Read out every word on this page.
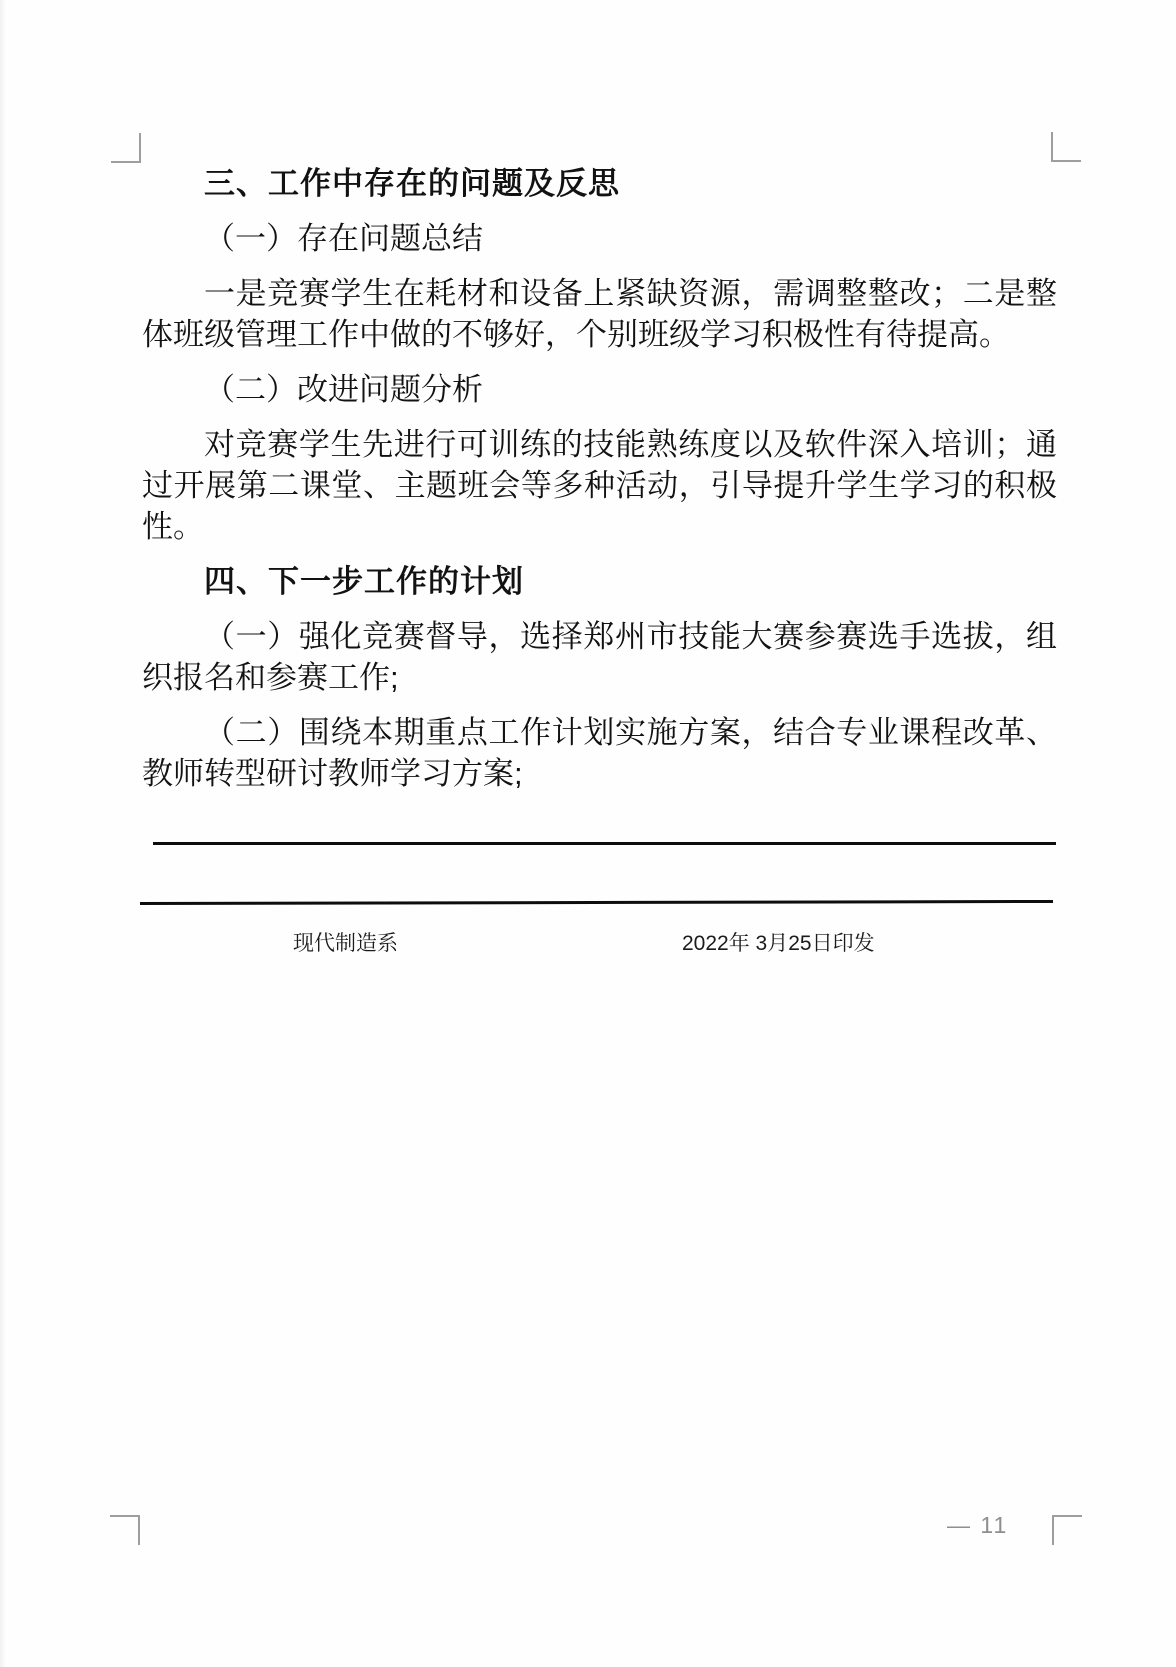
三、工作中存在的问题及反思
（一）存在问题总结
一是竞赛学生在耗材和设备上紧缺资源，需调整整改；二是整体班级管理工作中做的不够好，个别班级学习积极性有待提高。
（二）改进问题分析
对竞赛学生先进行可训练的技能熟练度以及软件深入培训；通过开展第二课堂、主题班会等多种活动，引导提升学生学习的积极性。
四、下一步工作的计划
（一）强化竞赛督导，选择郑州市技能大赛参赛选手选拔，组织报名和参赛工作;
（二）围绕本期重点工作计划实施方案，结合专业课程改革、教师转型研讨教师学习方案;
现代制造系	2022年 3月25日印发
— 11
